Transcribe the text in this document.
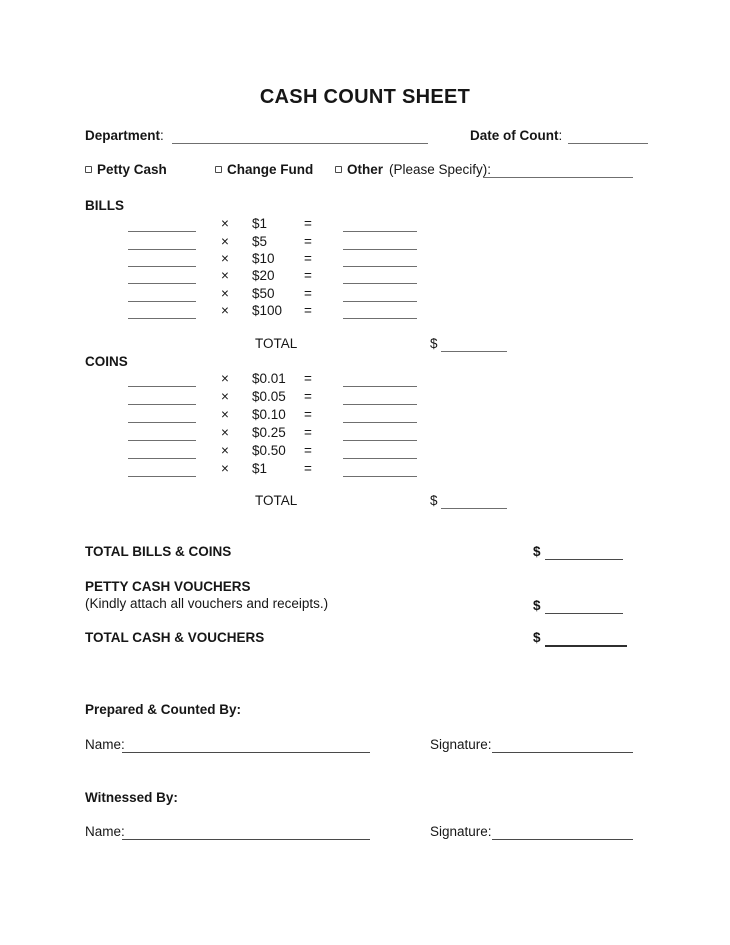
CASH COUNT SHEET
Department:	Date of Count:
Petty Cash	Change Fund	Other (Please Specify):
BILLS
× $1	=
× $5	=
× $10 =
× $20 =
× $50 =
× $100 =
TOTAL	$
COINS
× $0.01 =
× $0.05 =
× $0.10 =
× $0.25 =
× $0.50 =
× $1	=
TOTAL	$
TOTAL BILLS & COINS	$
PETTY CASH VOUCHERS
(Kindly attach all vouchers and receipts.)	$
TOTAL CASH & VOUCHERS	$
Prepared & Counted By:
Name:	Signature:
Witnessed By:
Name:	Signature:
